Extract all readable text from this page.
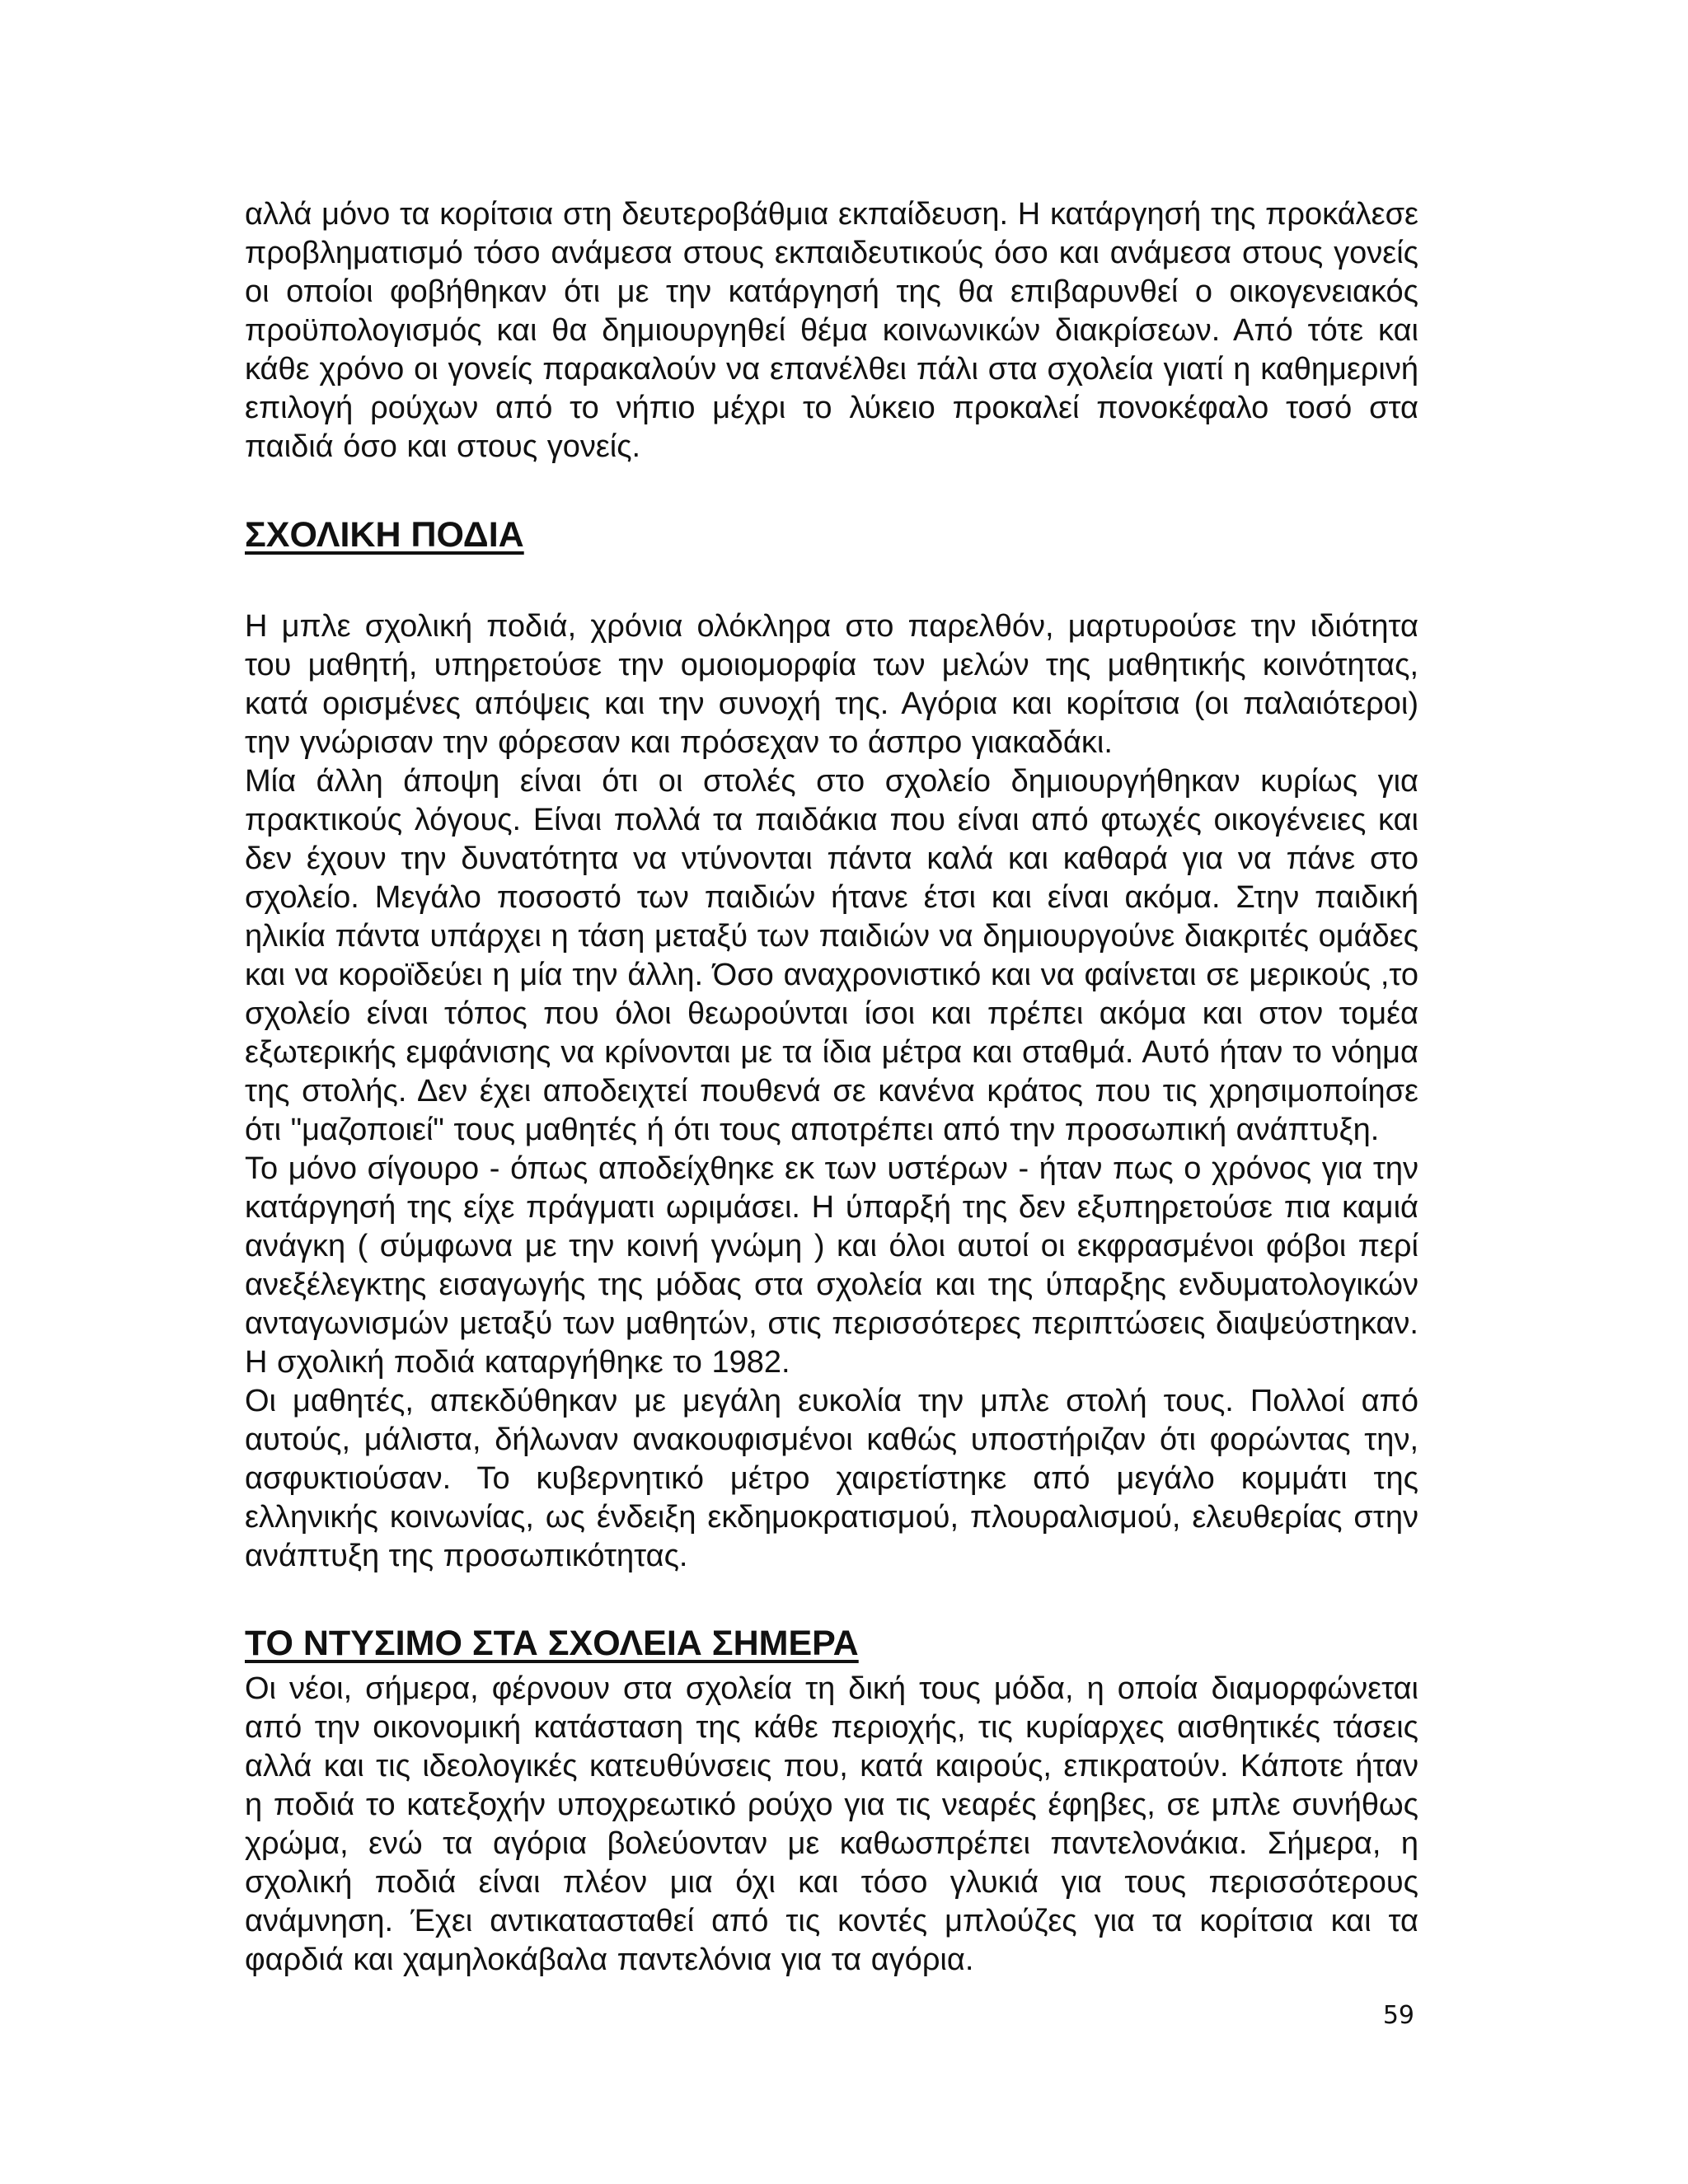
αλλά μόνο τα κορίτσια στη δευτεροβάθμια εκπαίδευση. Η κατάργησή της προκάλεσε προβληματισμό τόσο ανάμεσα στους εκπαιδευτικούς όσο και ανάμεσα στους γονείς οι οποίοι φοβήθηκαν ότι με την κατάργησή της θα επιβαρυνθεί ο οικογενειακός προϋπολογισμός και θα δημιουργηθεί θέμα κοινωνικών διακρίσεων. Από τότε και κάθε χρόνο οι γονείς παρακαλούν να επανέλθει πάλι στα σχολεία γιατί η καθημερινή επιλογή ρούχων από το νήπιο μέχρι το λύκειο προκαλεί πονοκέφαλο τοσό στα παιδιά όσο και στους γονείς.

ΣΧΟΛΙΚΗ ΠΟΔΙΑ

Η μπλε σχολική ποδιά, χρόνια ολόκληρα στο παρελθόν, μαρτυρούσε την ιδιότητα του μαθητή, υπηρετούσε την ομοιομορφία των μελών της μαθητικής κοινότητας, κατά ορισμένες απόψεις και την συνοχή της. Αγόρια και κορίτσια (οι παλαιότεροι) την γνώρισαν την φόρεσαν και πρόσεχαν το άσπρο γιακαδάκι.

Μία άλλη άποψη είναι ότι οι στολές στο σχολείο δημιουργήθηκαν κυρίως για πρακτικούς λόγους. Είναι πολλά τα παιδάκια που είναι από φτωχές οικογένειες και δεν έχουν την δυνατότητα να ντύνονται πάντα καλά και καθαρά για να πάνε στο σχολείο. Μεγάλο ποσοστό των παιδιών ήτανε έτσι και είναι ακόμα. Στην παιδική ηλικία πάντα υπάρχει η τάση μεταξύ των παιδιών να δημιουργούνε διακριτές ομάδες και να κοροϊδεύει η μία την άλλη. Όσο αναχρονιστικό και να φαίνεται σε μερικούς ,το σχολείο είναι τόπος που όλοι θεωρούνται ίσοι και πρέπει ακόμα και στον τομέα εξωτερικής εμφάνισης να κρίνονται με τα ίδια μέτρα και σταθμά. Αυτό ήταν το νόημα της στολής. Δεν έχει αποδειχτεί πουθενά σε κανένα κράτος που τις χρησιμοποίησε ότι "μαζοποιεί" τους μαθητές ή ότι τους αποτρέπει από την προσωπική ανάπτυξη.

Το μόνο σίγουρο - όπως αποδείχθηκε εκ των υστέρων - ήταν πως ο χρόνος για την κατάργησή της είχε πράγματι ωριμάσει. Η ύπαρξή της δεν εξυπηρετούσε πια καμιά ανάγκη ( σύμφωνα με την κοινή γνώμη ) και όλοι αυτοί οι εκφρασμένοι φόβοι περί ανεξέλεγκτης εισαγωγής της μόδας στα σχολεία και της ύπαρξης ενδυματολογικών ανταγωνισμών μεταξύ των μαθητών, στις περισσότερες περιπτώσεις διαψεύστηκαν. Η σχολική ποδιά καταργήθηκε το 1982.

Οι μαθητές, απεκδύθηκαν με μεγάλη ευκολία την μπλε στολή τους. Πολλοί από αυτούς, μάλιστα, δήλωναν ανακουφισμένοι καθώς υποστήριζαν ότι φορώντας την, ασφυκτιούσαν. Το κυβερνητικό μέτρο χαιρετίστηκε από μεγάλο κομμάτι της ελληνικής κοινωνίας, ως ένδειξη εκδημοκρατισμού, πλουραλισμού, ελευθερίας στην ανάπτυξη της προσωπικότητας.

ΤΟ ΝΤΥΣΙΜΟ ΣΤΑ ΣΧΟΛΕΙΑ ΣΗΜΕΡΑ

Οι νέοι, σήμερα, φέρνουν στα σχολεία τη δική τους μόδα, η οποία διαμορφώνεται από την οικονομική κατάσταση της κάθε περιοχής, τις κυρίαρχες αισθητικές τάσεις αλλά και τις ιδεολογικές κατευθύνσεις που, κατά καιρούς, επικρατούν. Κάποτε ήταν η ποδιά το κατεξοχήν υποχρεωτικό ρούχο για τις νεαρές έφηβες, σε μπλε συνήθως χρώμα, ενώ τα αγόρια βολεύονταν με καθωσπρέπει παντελονάκια. Σήμερα, η σχολική ποδιά είναι πλέον μια όχι και τόσο γλυκιά για τους περισσότερους ανάμνηση. Έχει αντικατασταθεί από τις κοντές μπλούζες για τα κορίτσια και τα φαρδιά και χαμηλοκάβαλα παντελόνια για τα αγόρια.

59
